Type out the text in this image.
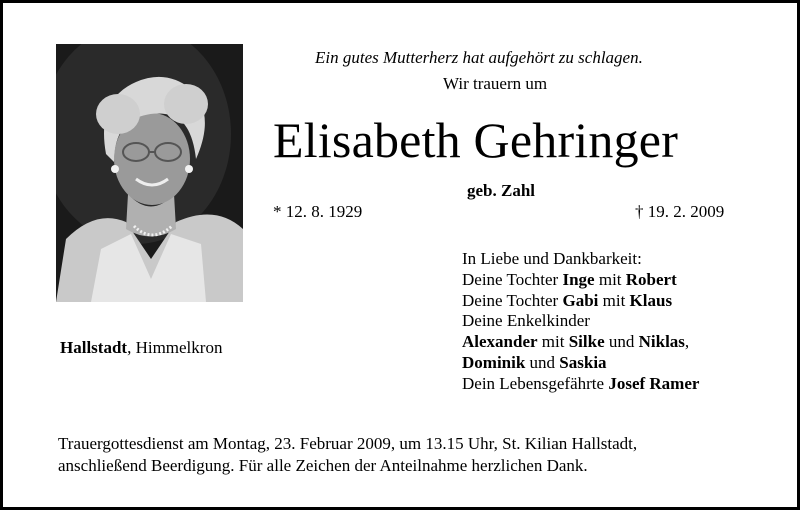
Ein gutes Mutterherz hat aufgehört zu schlagen.
Wir trauern um
Elisabeth Gehringer
geb. Zahl
* 12. 8. 1929	† 19. 2. 2009
Hallstadt, Himmelkron
In Liebe und Dankbarkeit:
Deine Tochter Inge mit Robert
Deine Tochter Gabi mit Klaus
Deine Enkelkinder
Alexander mit Silke und Niklas,
Dominik und Saskia
Dein Lebensgefährte Josef Ramer
Trauergottesdienst am Montag, 23. Februar 2009, um 13.15 Uhr, St. Kilian Hallstadt,
anschließend Beerdigung. Für alle Zeichen der Anteilnahme herzlichen Dank.
